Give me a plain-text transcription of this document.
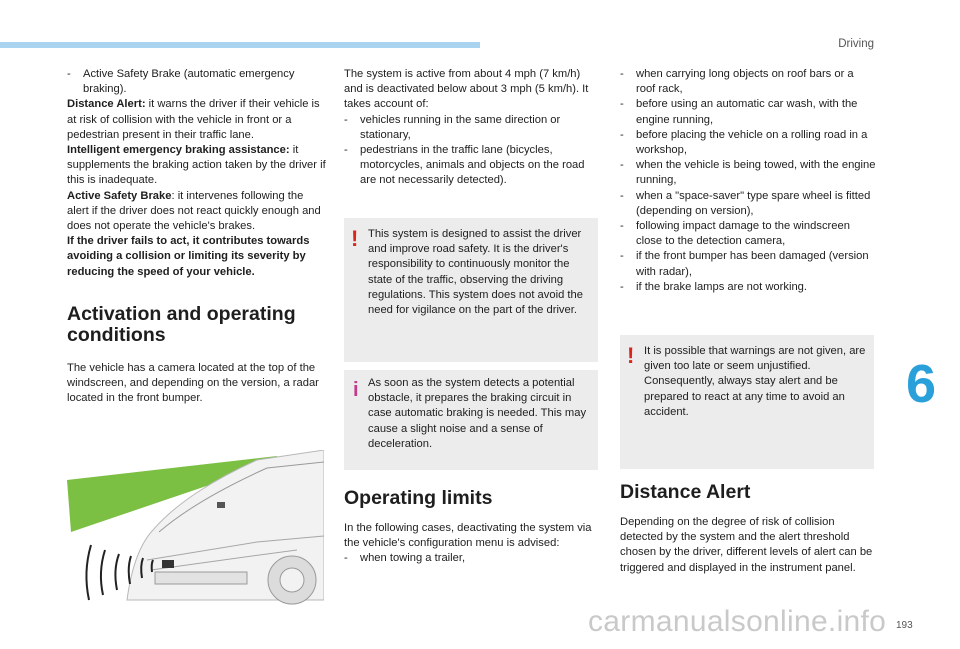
Driving
6
193
carmanualsonline.info
-	Active Safety Brake (automatic emergency braking).

Distance Alert: it warns the driver if their vehicle is at risk of collision with the vehicle in front or a pedestrian present in their traffic lane.

Intelligent emergency braking assistance: it supplements the braking action taken by the driver if this is inadequate.

Active Safety Brake: it intervenes following the alert if the driver does not react quickly enough and does not operate the vehicle's brakes.

If the driver fails to act, it contributes towards avoiding a collision or limiting its severity by reducing the speed of your vehicle.

Activation and operating conditions

The vehicle has a camera located at the top of the windscreen, and depending on the version, a radar located in the front bumper.

The system is active from about 4 mph (7 km/h) and is deactivated below about 3 mph (5 km/h). It takes account of:

-	vehicles running in the same direction or stationary,
-	pedestrians in the traffic lane (bicycles, motorcycles, animals and objects on the road are not necessarily detected).
! This system is designed to assist the driver and improve road safety. It is the driver's responsibility to continuously monitor the state of the traffic, observing the driving regulations. This system does not avoid the need for vigilance on the part of the driver.
i As soon as the system detects a potential obstacle, it prepares the braking circuit in case automatic braking is needed. This may cause a slight noise and a sense of deceleration.
Operating limits

In the following cases, deactivating the system via the vehicle's configuration menu is advised:

-	when towing a trailer,
-	when carrying long objects on roof bars or a roof rack,
-	before using an automatic car wash, with the engine running,
-	before placing the vehicle on a rolling road in a workshop,
-	when the vehicle is being towed, with the engine running,
-	when a "space-saver" type spare wheel is fitted (depending on version),
-	following impact damage to the windscreen close to the detection camera,
-	if the front bumper has been damaged (version with radar),
-	if the brake lamps are not working.
! It is possible that warnings are not given, are given too late or seem unjustified. Consequently, always stay alert and be prepared to react at any time to avoid an accident.
Distance Alert

Depending on the degree of risk of collision detected by the system and the alert threshold chosen by the driver, different levels of alert can be triggered and displayed in the instrument panel.
